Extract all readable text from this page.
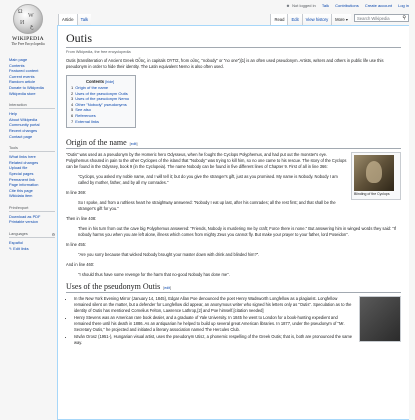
Ω
W
И
ع
WIKIPEDIA
The Free Encyclopedia
☻ Not logged in Talk Contributions Create account Log in
Article	Talk	Read	Edit	View history	More ▾	Search Wikipedia	⚲
Main page
Contents
Featured content
Current events
Random article
Donate to Wikipedia
Wikipedia store
Interaction
Help
About Wikipedia
Community portal
Recent changes
Contact page
Tools
What links here
Related changes
Upload file
Special pages
Permanent link
Page information
Cite this page
Wikidata item
Print/export
Download as PDF
Printable version
Languages	⚙
Español
✎ Edit links
Outis
From Wikipedia, the free encyclopedia

Outis (transliteration of Ancient Greek Οὖτις, in capitals ΟΥΤΙΣ, from οὔτις, "nobody" or "no one")[1] is an often used pseudonym. Artists, writers and others in public life use this pseudonym in order to hide their identity. The Latin equivalent Nemo is also often used.

Contents [hide]
1 Origin of the name
2 Uses of the pseudonym Outis
3 Uses of the pseudonym Nemo
4 Other "Nobody" pseudonyms
5 See also
6 References
7 External links
Origin of the name [edit]
Blinding of the Cyclops

"Outis" was used as a pseudonym by the Homeric hero Odysseus, when he fought the Cyclops Polyphemus, and had put out the monster's eye. Polyphemus shouted in pain to the other Cyclopes of the island that "Nobody" was trying to kill him, so no one came to his rescue. The story of the Cyclops can be found in the Odyssey, book 9 (in the Cyclopeia). The name Nobody can be found in five different lines of Chapter 9. First of all in line 366:

"Cyclops, you asked my noble name, and I will tell it; but do you give the stranger's gift, just as you promised. My name is Nobody. Nobody I am called by mother, father, and by all my comrades."

In line 369:

So I spoke, and from a ruthless heart he straightway answered: "Nobody I eat up last, after his comrades; all the rest first; and that shall be the stranger's gift for you."

Then in line 408:

Then in his turn from out the cave big Polyphemus answered: "Friends, Nobody is murdering me by craft; Force there is none." But answering him in winged words they said: "If nobody harms you when you are left alone, illness which comes from mighty Zeus you cannot fly. But make your prayer to your father, lord Poseidon".

In line 455:

"Are you sorry because that wicked Nobody brought your master down with drink and blinded him?".

And in line 460:

"I should thus have some revenge for the harm that no-good Nobody has done me".
Uses of the pseudonym Outis [edit]
• In the New York Evening Mirror (January 14, 1845), Edgar Allan Poe denounced the poet Henry Wadsworth Longfellow as a plagiarist. Longfellow remained silent on the matter, but a defender for Longfellow did appear, an anonymous writer who signed his letters only as "Outis". Speculation as to the identity of Outis has mentioned Cornelius Felton, Lawrence Lathrop,[2] and Poe himself.[citation needed]
• Henry Stevens was an American rare book dealer, and a graduate of Yale University. In 1845 he went to London for a book-hunting expedient and remained there until his death in 1886. As an antiquarian he helped to build up several great American libraries. In 1877, under the pseudonym of "Mr. Secretary Outis," he projected and initiated a literary association named The Hercules Club.
• István Orosz (1951-), Hungarian visual artist, uses the pseudonym Utisz, a phonemic respelling of the Greek Outis; that is, both are pronounced the same way.
